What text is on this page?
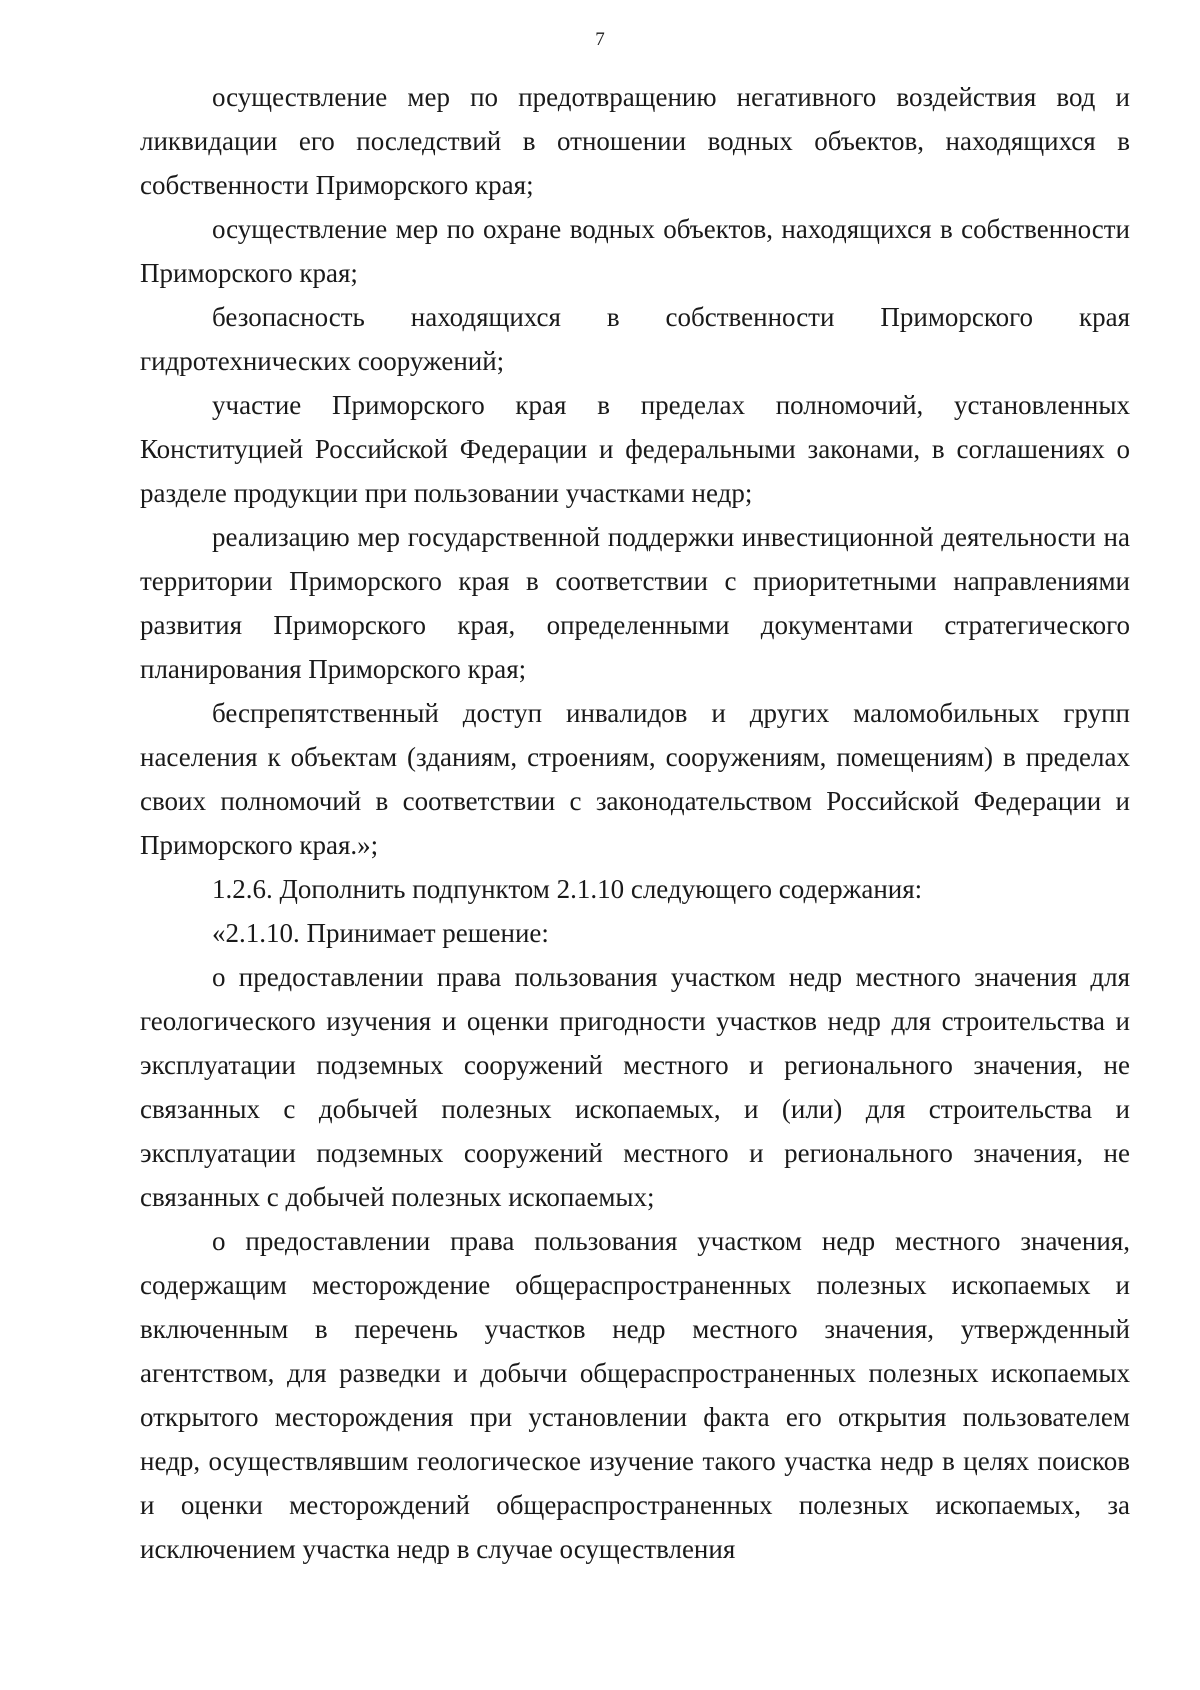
7

осуществление мер по предотвращению негативного воздействия вод и ликвидации его последствий в отношении водных объектов, находящихся в собственности Приморского края;

осуществление мер по охране водных объектов, находящихся в собственности Приморского края;

безопасность находящихся в собственности Приморского края гидротехнических сооружений;

участие Приморского края в пределах полномочий, установленных Конституцией Российской Федерации и федеральными законами, в соглашениях о разделе продукции при пользовании участками недр;

реализацию мер государственной поддержки инвестиционной деятельности на территории Приморского края в соответствии с приоритетными направлениями развития Приморского края, определенными документами стратегического планирования Приморского края;

беспрепятственный доступ инвалидов и других маломобильных групп населения к объектам (зданиям, строениям, сооружениям, помещениям) в пределах своих полномочий в соответствии с законодательством Российской Федерации и Приморского края.»;

1.2.6. Дополнить подпунктом 2.1.10 следующего содержания:

«2.1.10. Принимает решение:

о предоставлении права пользования участком недр местного значения для геологического изучения и оценки пригодности участков недр для строительства и эксплуатации подземных сооружений местного и регионального значения, не связанных с добычей полезных ископаемых, и (или) для строительства и эксплуатации подземных сооружений местного и регионального значения, не связанных с добычей полезных ископаемых;

о предоставлении права пользования участком недр местного значения, содержащим месторождение общераспространенных полезных ископаемых и включенным в перечень участков недр местного значения, утвержденный агентством, для разведки и добычи общераспространенных полезных ископаемых открытого месторождения при установлении факта его открытия пользователем недр, осуществлявшим геологическое изучение такого участка недр в целях поисков и оценки месторождений общераспространенных полезных ископаемых, за исключением участка недр в случае осуществления
